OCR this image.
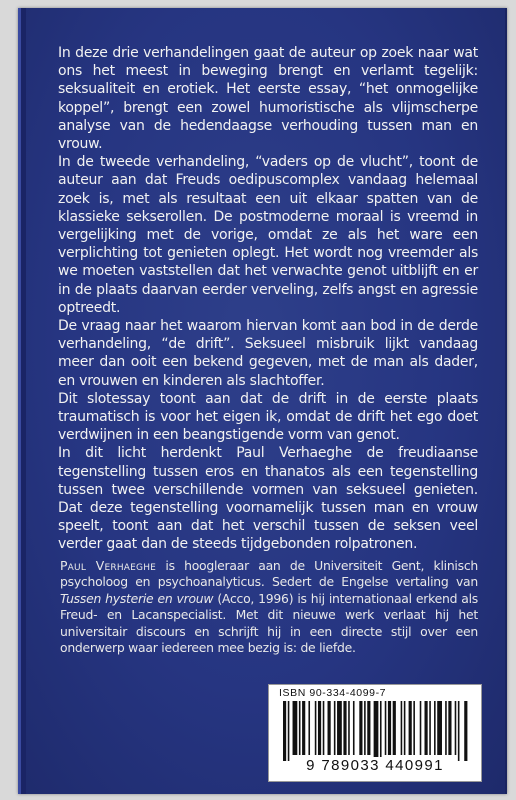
In deze drie verhandelingen gaat de auteur op zoek naar wat ons het meest in beweging brengt en verlamt tegelijk: seksualiteit en erotiek. Het eerste essay, “het onmogelijke koppel”, brengt een zowel humoristische als vlijmscherpe analyse van de hedendaagse verhouding tussen man en vrouw.

In de tweede verhandeling, “vaders op de vlucht”, toont de auteur aan dat Freuds oedipuscomplex vandaag helemaal zoek is, met als resultaat een uit elkaar spatten van de klassieke sekserollen. De postmoderne moraal is vreemd in vergelijking met de vorige, omdat ze als het ware een verplichting tot genieten oplegt. Het wordt nog vreemder als we moeten vaststellen dat het verwachte genot uitblijft en er in de plaats daarvan eerder verveling, zelfs angst en agressie optreedt.

De vraag naar het waarom hiervan komt aan bod in de derde verhandeling, “de drift”. Seksueel misbruik lijkt vandaag meer dan ooit een bekend gegeven, met de man als dader, en vrouwen en kinderen als slachtoffer.

Dit slotessay toont aan dat de drift in de eerste plaats traumatisch is voor het eigen ik, omdat de drift het ego doet verdwijnen in een beangstigende vorm van genot.

In dit licht herdenkt Paul Verhaeghe de freudiaanse tegenstelling tussen eros en thanatos als een tegenstelling tussen twee verschillende vormen van seksueel genieten. Dat deze tegenstelling voornamelijk tussen man en vrouw speelt, toont aan dat het verschil tussen de seksen veel verder gaat dan de steeds tijdgebonden rolpatronen.

Paul Verhaeghe is hoogleraar aan de Universiteit Gent, klinisch psycholoog en psychoanalyticus. Sedert de Engelse vertaling van Tussen hysterie en vrouw (Acco, 1996) is hij internationaal erkend als Freud- en Lacanspecialist. Met dit nieuwe werk verlaat hij het universitair discours en schrijft hij in een directe stijl over een onderwerp waar iedereen mee bezig is: de liefde.
ISBN 90-334-4099-7
9 789033 440991
